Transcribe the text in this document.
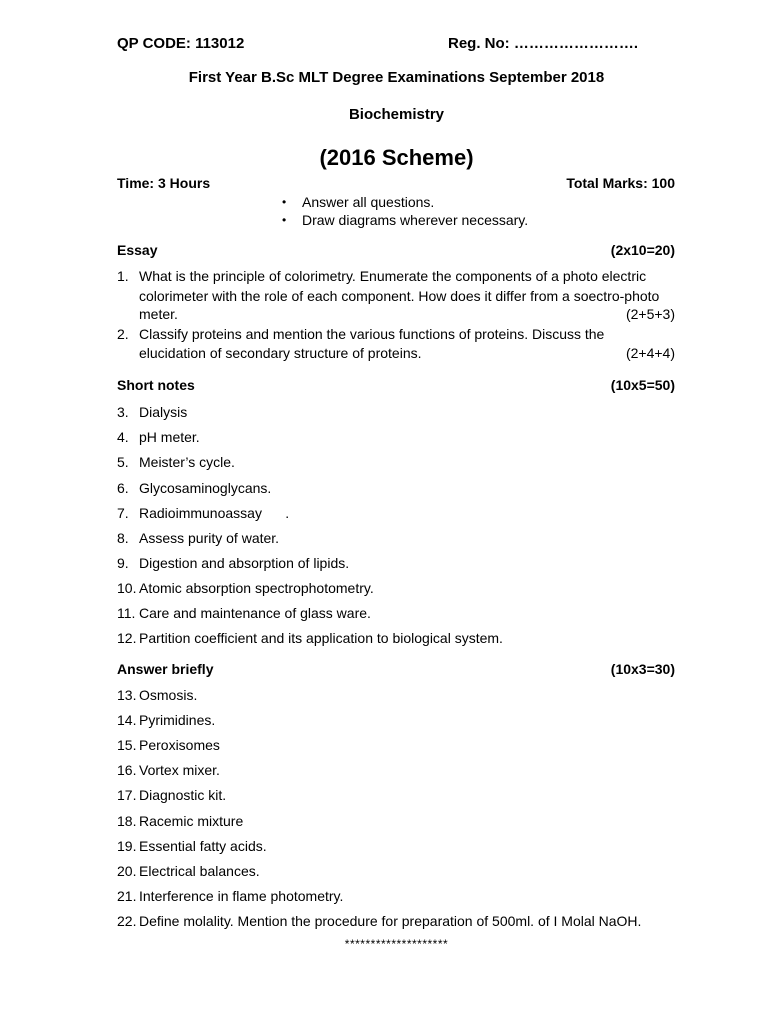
QP CODE: 113012	Reg. No: …………………….
First Year B.Sc MLT Degree Examinations September 2018
Biochemistry
(2016 Scheme)
Time: 3 Hours	Total Marks: 100
• Answer all questions.
• Draw diagrams wherever necessary.
Essay	(2x10=20)
1. What is the principle of colorimetry. Enumerate the components of a photo electric
colorimeter with the role of each component. How does it differ from a soectro-photo
meter.	(2+5+3)
2. Classify proteins and mention the various functions of proteins. Discuss the
elucidation of secondary structure of proteins.	(2+4+4)
Short notes	(10x5=50)
3. Dialysis
4. pH meter.
5. Meister’s cycle.
6. Glycosaminoglycans.
7. Radioimmunoassay      .
8. Assess purity of water.
9. Digestion and absorption of lipids.
10. Atomic absorption spectrophotometry.
11. Care and maintenance of glass ware.
12. Partition coefficient and its application to biological system.
Answer briefly	(10x3=30)
13. Osmosis.
14. Pyrimidines.
15. Peroxisomes
16. Vortex mixer.
17. Diagnostic kit.
18. Racemic mixture
19. Essential fatty acids.
20. Electrical balances.
21. Interference in flame photometry.
22. Define molality. Mention the procedure for preparation of 500ml. of I Molal NaOH.
********************
